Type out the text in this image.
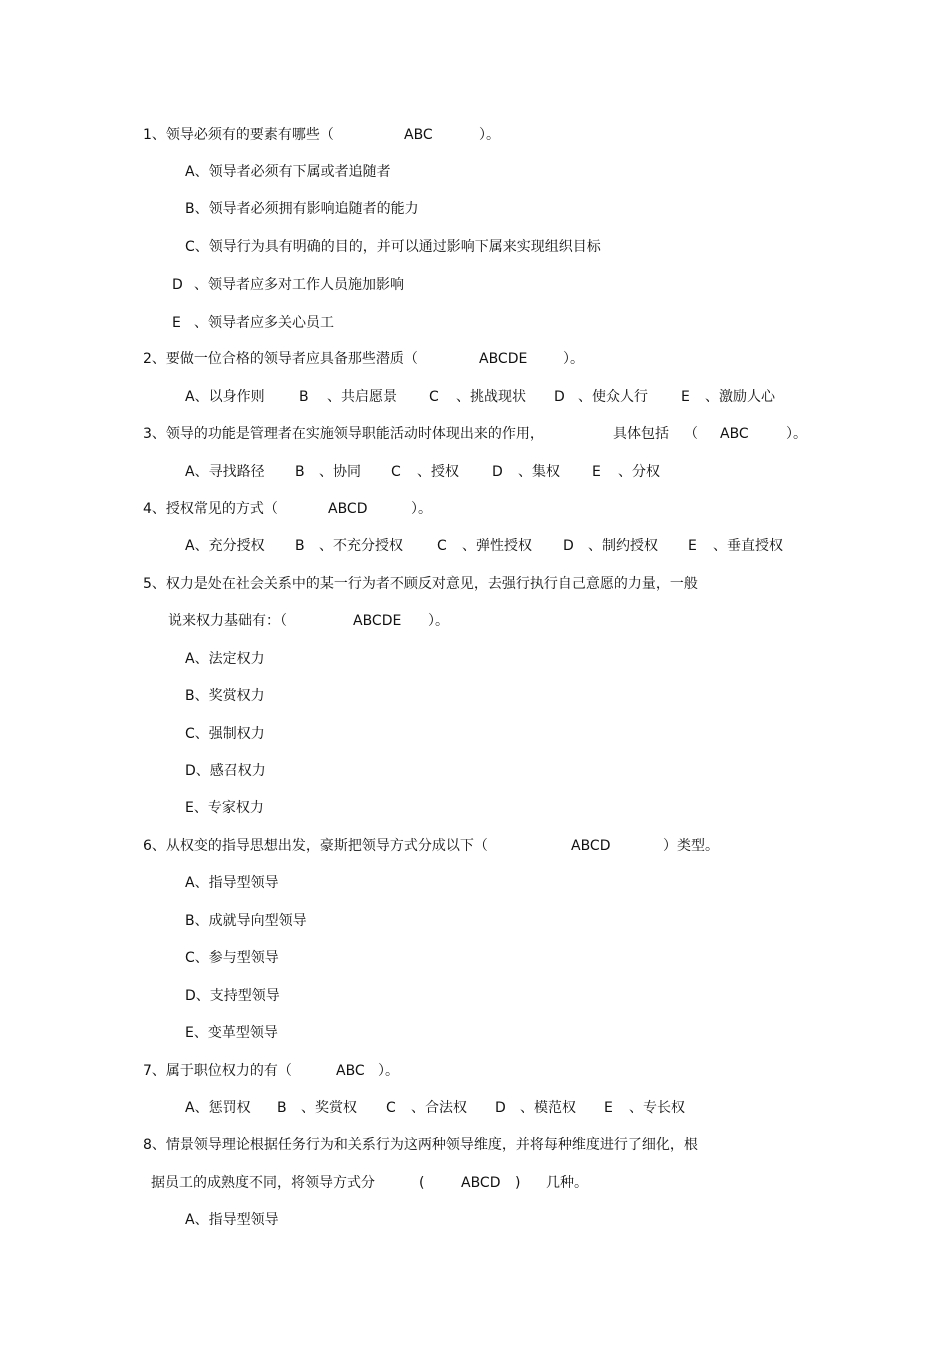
1、领导必须有的要素有哪些（	ABC	）。
A、领导者必须有下属或者追随者
B、领导者必须拥有影响追随者的能力
C、领导行为具有明确的目的，并可以通过影响下属来实现组织目标
D 、领导者应多对工作人员施加影响
E 、领导者应多关心员工
2、要做一位合格的领导者应具备那些潜质（	ABCDE	）。
A、以身作则 B 、共启愿景 C 、挑战现状 D 、使众人行 E 、激励人心
3、领导的功能是管理者在实施领导职能活动时体现出来的作用，	具体包括 （ ABC	）。
A、寻找路径 B 、协同 C 、授权 D 、集权 E 、分权
4、授权常见的方式（	ABCD	）。
A、充分授权 B 、不充分授权 C 、弹性授权 D 、制约授权 E 、垂直授权
5、权力是处在社会关系中的某一行为者不顾反对意见，去强行执行自己意愿的力量，一般
说来权力基础有：（	ABCDE ）。
A、法定权力
B、奖赏权力
C、强制权力
D、感召权力
E、专家权力
6、从权变的指导思想出发，豪斯把领导方式分成以下（	ABCD	）类型。
A、指导型领导
B、成就导向型领导
C、参与型领导
D、支持型领导
E、变革型领导
7、属于职位权力的有（	ABC ）。
A、惩罚权 B 、奖赏权 C 、合法权 D 、模范权 E 、专长权
8、情景领导理论根据任务行为和关系行为这两种领导维度，并将每种维度进行了细化，根
据员工的成熟度不同，将领导方式分	(	ABCD ) 几种。
A、指导型领导
